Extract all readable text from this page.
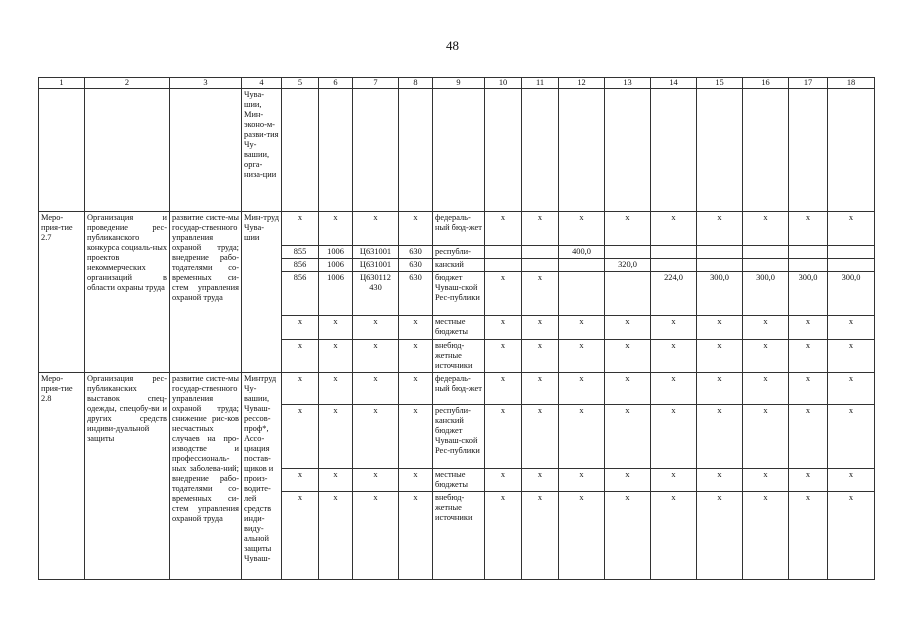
48
1	2	3	4	5	6	7	8	9	10	11	12	13	14	15	16	17	18
			Чува-шии, Мин-эконо-м-разви-тия Чу-вашии, орга-низа-ции														
Меро-прия-тие 2.7	Организация и проведение рес-публиканского конкурса социаль-ных проектов некоммерческих организаций в области охраны труда	развитие систе-мы государ-ственного управления охраной труда; внедрение рабо-тодателями со-временных си-стем управления охраной труда	Мин-труд Чува-шии	x	x	x	x	федераль-ный бюд-жет	x	x	x	x	x	x	x	x	x
				855	1006	Ц631001	630	республи-			400,0						
				856	1006	Ц631001	630	канский				320,0					
				856	1006	Ц630112 430	630	бюджет Чуваш-ской Рес-публики	x	x			224,0	300,0	300,0	300,0	300,0
				x	x	x	x	местные бюджеты	x	x	x	x	x	x	x	x	x
				x	x	x	x	внебюд-жетные источники	x	x	x	x	x	x	x	x	x
Меро-прия-тие 2.8	Организация рес-публиканских выставок спец-одежды, спецобу-ви и других средств индиви-дуальной защиты	развитие систе-мы государ-ственного управления охраной труда; снижение рис-ков несчастных случаев на про-изводстве и профессиональ-ных заболева-ний; внедрение рабо-тодателями со-временных си-стем управления охраной труда	Минтруд Чу-вашии, Чуваш-рессов-проф*, Ассо-циация постав-щиков и произ-водите-лей средств инди-виду-альной защиты Чуваш-	x	x	x	x	федераль-ный бюд-жет	x	x	x	x	x	x	x	x	x
				x	x	x	x	республи-канский бюджет Чуваш-ской Рес-публики	x	x	x	x	x	x	x	x	x
				x	x	x	x	местные бюджеты	x	x	x	x	x	x	x	x	x
				x	x	x	x	внебюд-жетные источники	x	x	x	x	x	x	x	x	x
